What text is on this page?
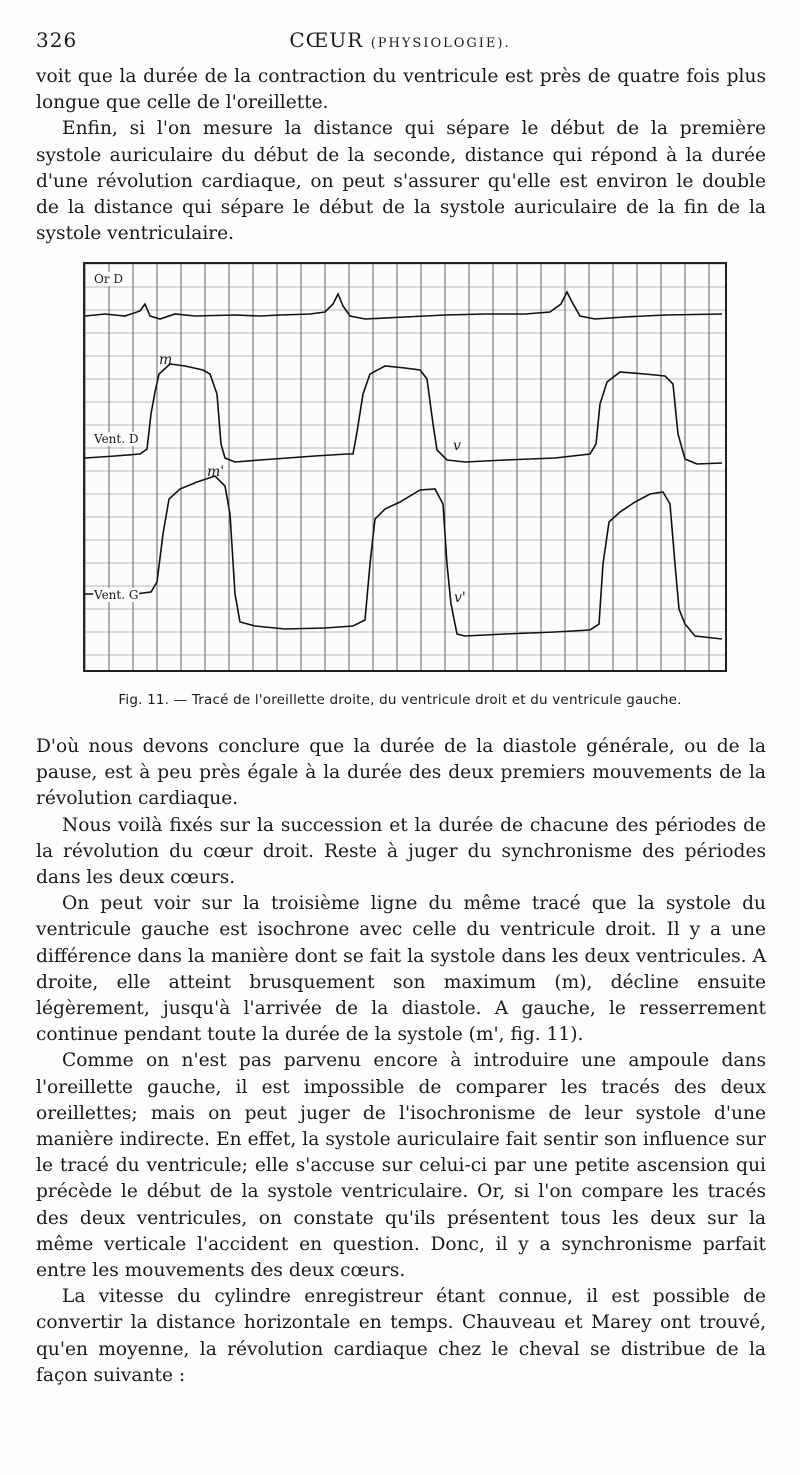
326	CŒUR (PHYSIOLOGIE).

voit que la durée de la contraction du ventricule est près de quatre fois plus longue que celle de l'oreillette.

Enfin, si l'on mesure la distance qui sépare le début de la première systole auriculaire du début de la seconde, distance qui répond à la durée d'une révolution cardiaque, on peut s'assurer qu'elle est environ le double de la distance qui sépare le début de la systole auriculaire de la fin de la systole ventriculaire.

Or D
Vent. D
Vent. G
m
m'
v
v'
Fig. 11. — Tracé de l'oreillette droite, du ventricule droit et du ventricule gauche.

D'où nous devons conclure que la durée de la diastole générale, ou de la pause, est à peu près égale à la durée des deux premiers mouvements de la révolution cardiaque.

Nous voilà fixés sur la succession et la durée de chacune des périodes de la révolution du cœur droit. Reste à juger du synchronisme des périodes dans les deux cœurs.

On peut voir sur la troisième ligne du même tracé que la systole du ventricule gauche est isochrone avec celle du ventricule droit. Il y a une différence dans la manière dont se fait la systole dans les deux ventricules. A droite, elle atteint brusquement son maximum (m), décline ensuite légèrement, jusqu'à l'arrivée de la diastole. A gauche, le resserrement continue pendant toute la durée de la systole (m', fig. 11).

Comme on n'est pas parvenu encore à introduire une ampoule dans l'oreillette gauche, il est impossible de comparer les tracés des deux oreillettes; mais on peut juger de l'isochronisme de leur systole d'une manière indirecte. En effet, la systole auriculaire fait sentir son influence sur le tracé du ventricule; elle s'accuse sur celui-ci par une petite ascension qui précède le début de la systole ventriculaire. Or, si l'on compare les tracés des deux ventricules, on constate qu'ils présentent tous les deux sur la même verticale l'accident en question. Donc, il y a synchronisme parfait entre les mouvements des deux cœurs.

La vitesse du cylindre enregistreur étant connue, il est possible de convertir la distance horizontale en temps. Chauveau et Marey ont trouvé, qu'en moyenne, la révolution cardiaque chez le cheval se distribue de la façon suivante :
